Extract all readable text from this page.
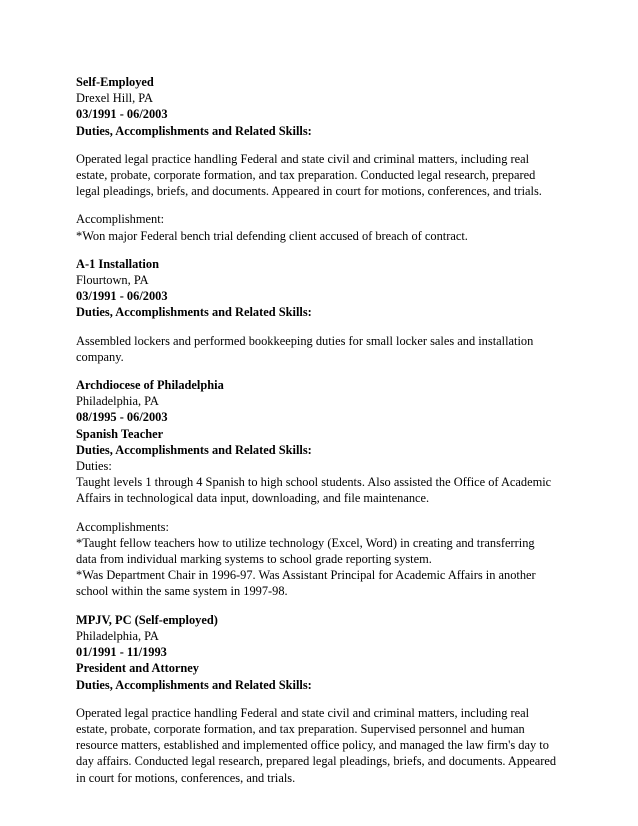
Self-Employed
Drexel Hill, PA
03/1991 - 06/2003
Duties, Accomplishments and Related Skills:
Operated legal practice handling Federal and state civil and criminal matters, including real
estate, probate, corporate formation, and tax preparation. Conducted legal research, prepared
legal pleadings, briefs, and documents. Appeared in court for motions, conferences, and trials.
Accomplishment:
*Won major Federal bench trial defending client accused of breach of contract.
A-1 Installation
Flourtown, PA
03/1991 - 06/2003
Duties, Accomplishments and Related Skills:
Assembled lockers and performed bookkeeping duties for small locker sales and installation
company.
Archdiocese of Philadelphia
Philadelphia, PA
08/1995 - 06/2003
Spanish Teacher
Duties, Accomplishments and Related Skills:
Duties:
Taught levels 1 through 4 Spanish to high school students. Also assisted the Office of Academic
Affairs in technological data input, downloading, and file maintenance.
Accomplishments:
*Taught fellow teachers how to utilize technology (Excel, Word) in creating and transferring
data from individual marking systems to school grade reporting system.
*Was Department Chair in 1996-97. Was Assistant Principal for Academic Affairs in another
school within the same system in 1997-98.
MPJV, PC (Self-employed)
Philadelphia, PA
01/1991 - 11/1993
President and Attorney
Duties, Accomplishments and Related Skills:
Operated legal practice handling Federal and state civil and criminal matters, including real
estate, probate, corporate formation, and tax preparation. Supervised personnel and human
resource matters, established and implemented office policy, and managed the law firm's day to
day affairs. Conducted legal research, prepared legal pleadings, briefs, and documents. Appeared
in court for motions, conferences, and trials.
